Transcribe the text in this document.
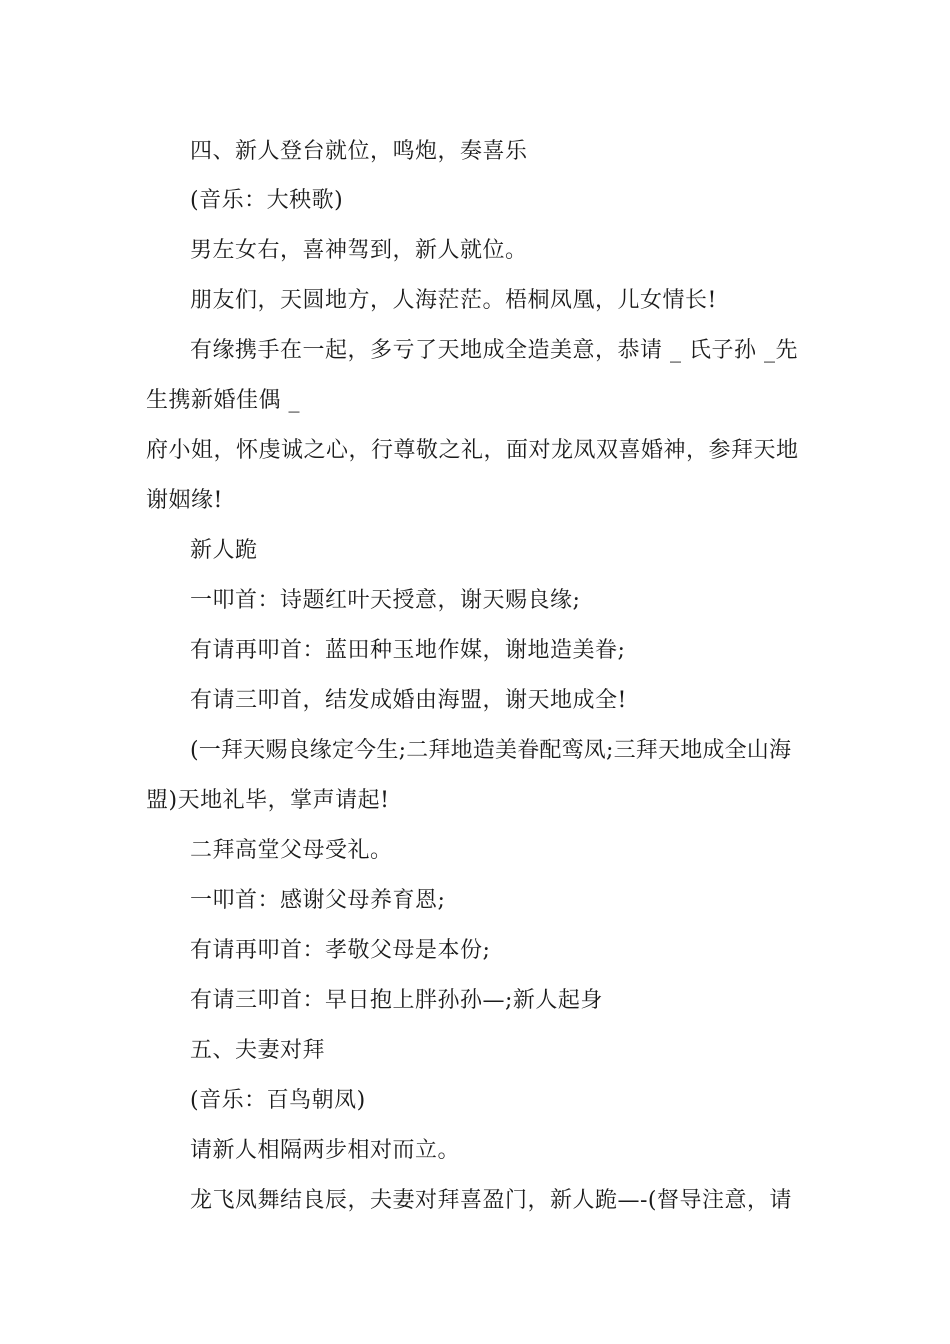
四、新人登台就位，鸣炮，奏喜乐
(音乐：大秧歌)
男左女右，喜神驾到，新人就位。
朋友们，天圆地方，人海茫茫。梧桐凤凰，儿女情长!
有缘携手在一起，多亏了天地成全造美意，恭请 _ 氏子孙 _先
生携新婚佳偶 _
府小姐，怀虔诚之心，行尊敬之礼，面对龙凤双喜婚神，参拜天地
谢姻缘!
新人跪
一叩首：诗题红叶天授意，谢天赐良缘;
有请再叩首：蓝田种玉地作媒，谢地造美眷;
有请三叩首，结发成婚由海盟，谢天地成全!
(一拜天赐良缘定今生;二拜地造美眷配鸾凤;三拜天地成全山海
盟)天地礼毕，掌声请起!
二拜高堂父母受礼。
一叩首：感谢父母养育恩;
有请再叩首：孝敬父母是本份;
有请三叩首：早日抱上胖孙孙—;新人起身
五、夫妻对拜
(音乐：百鸟朝凤)
请新人相隔两步相对而立。
龙飞凤舞结良辰，夫妻对拜喜盈门，新人跪—-(督导注意，请
